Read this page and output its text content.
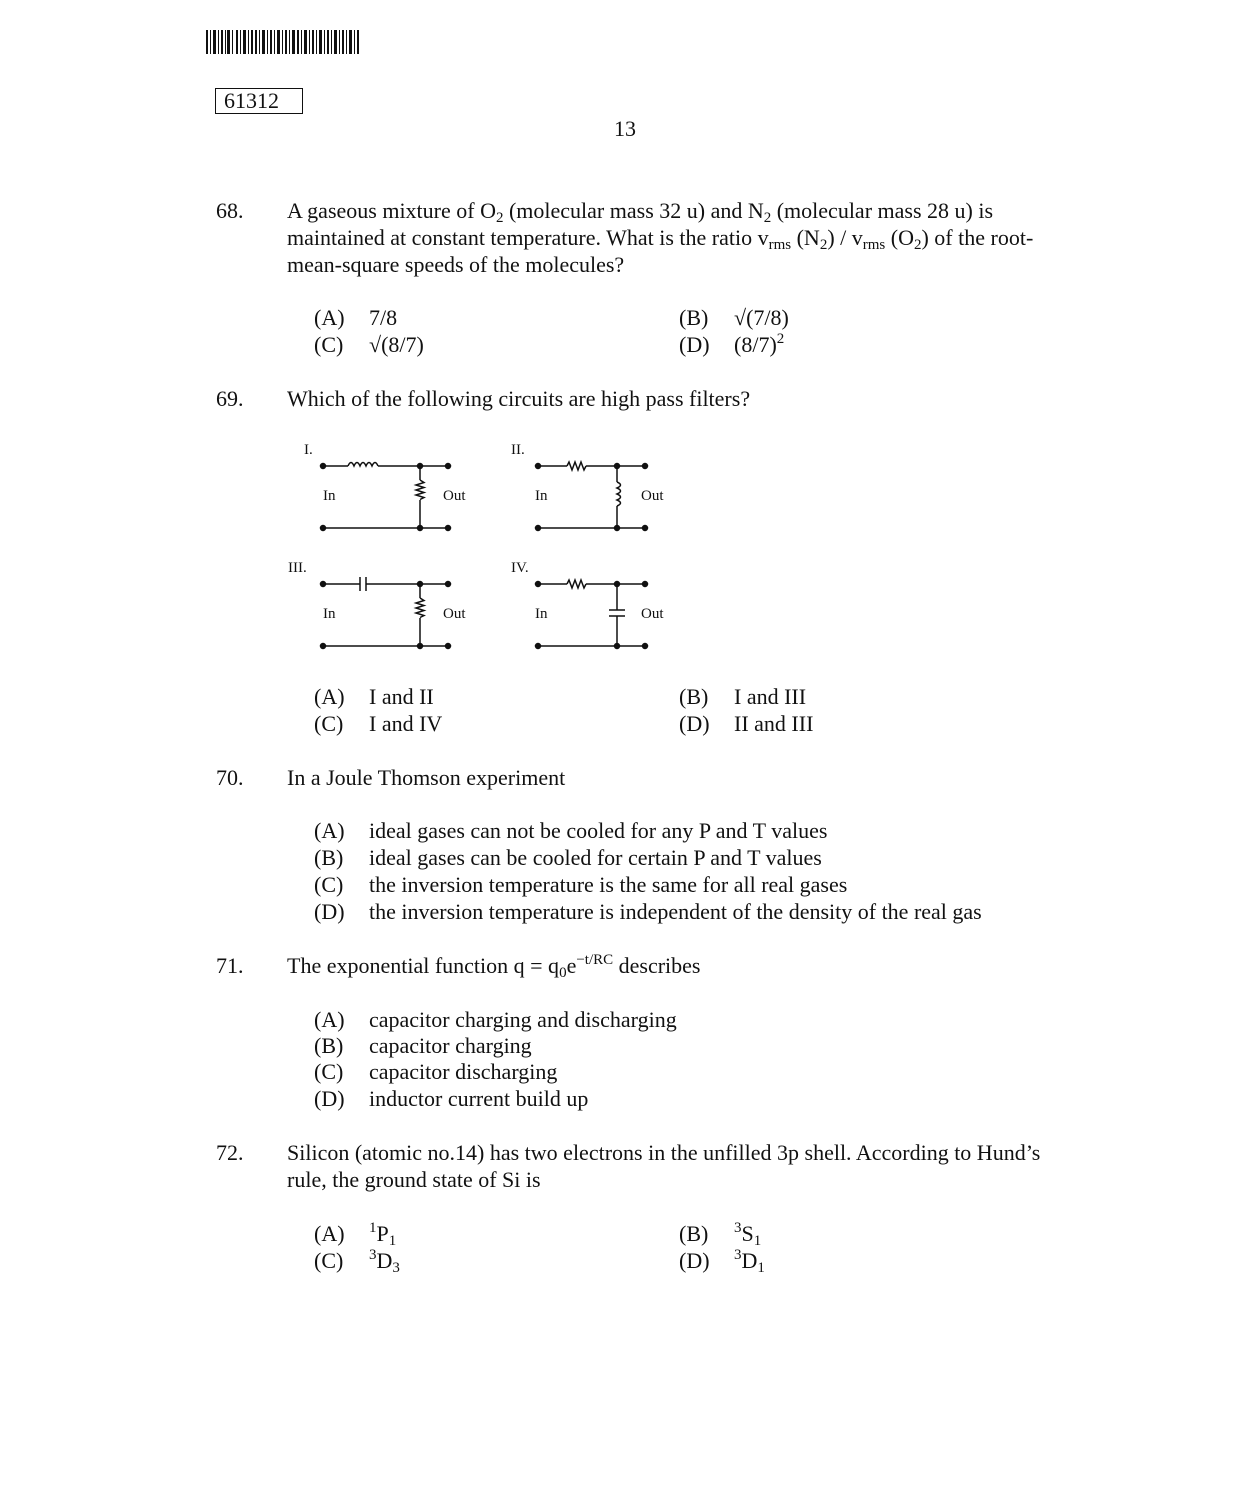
61312
13
68. A gaseous mixture of $O_2$ (molecular mass 32 u) and $N_2$ (molecular mass 28 u) is maintained at constant temperature. What is the ratio $v_{rms}$ $(N_2) / v_{rms}$ $(O_2)$ of the root-mean-square speeds of the molecules?
(A) 7/8	(B) √(7/8)
(C) √(8/7)	(D) $(8/7)^2$
69. Which of the following circuits are high pass filters?
I.
In	Out
II.
In	Out
III.
In	Out
IV.
In	Out
(A) I and II	(B) I and III
(C) I and IV	(D) II and III
70. In a Joule Thomson experiment
(A) ideal gases can not be cooled for any P and T values
(B) ideal gases can be cooled for certain P and T values
(C) the inversion temperature is the same for all real gases
(D) the inversion temperature is independent of the density of the real gas
71. The exponential function $q = q_0e^{-t/RC}$ describes
(A) capacitor charging and discharging
(B) capacitor charging
(C) capacitor discharging
(D) inductor current build up
72. Silicon (atomic no.14) has two electrons in the unfilled 3p shell. According to Hund’s rule, the ground state of Si is
(A) $^1P_1$	(B) $^3S_1$
(C) $^3D_3$	(D) $^3D_1$
